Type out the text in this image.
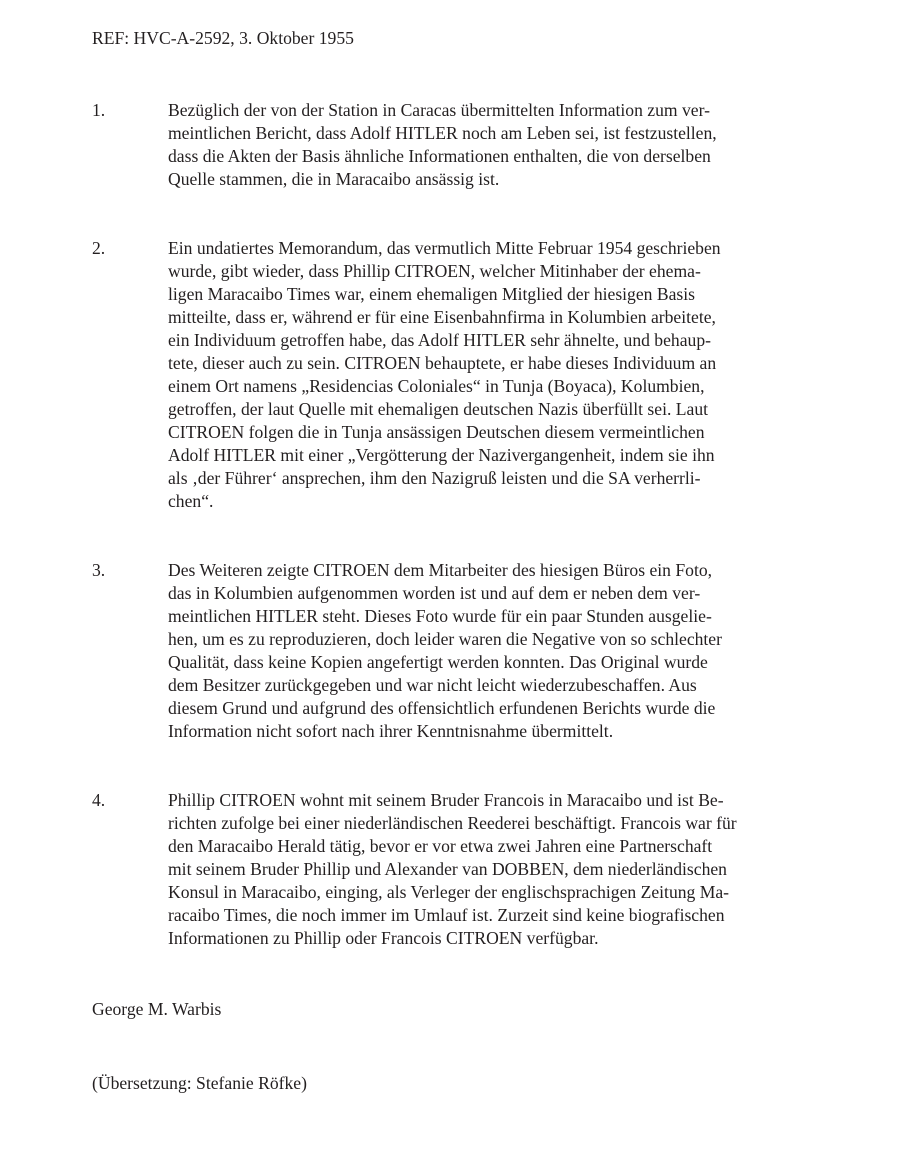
REF: HVC-A-2592, 3. Oktober 1955
1.	Bezüglich der von der Station in Caracas übermittelten Information zum ver-
meintlichen Bericht, dass Adolf HITLER noch am Leben sei, ist festzustellen,
dass die Akten der Basis ähnliche Informationen enthalten, die von derselben
Quelle stammen, die in Maracaibo ansässig ist.
2.	Ein undatiertes Memorandum, das vermutlich Mitte Februar 1954 geschrieben
wurde, gibt wieder, dass Phillip CITROEN, welcher Mitinhaber der ehema-
ligen Maracaibo Times war, einem ehemaligen Mitglied der hiesigen Basis
mitteilte, dass er, während er für eine Eisenbahnfirma in Kolumbien arbeitete,
ein Individuum getroffen habe, das Adolf HITLER sehr ähnelte, und behaup-
tete, dieser auch zu sein. CITROEN behauptete, er habe dieses Individuum an
einem Ort namens „Residencias Coloniales“ in Tunja (Boyaca), Kolumbien,
getroffen, der laut Quelle mit ehemaligen deutschen Nazis überfüllt sei. Laut
CITROEN folgen die in Tunja ansässigen Deutschen diesem vermeintlichen
Adolf HITLER mit einer „Vergötterung der Nazivergangenheit, indem sie ihn
als ‚der Führer‘ ansprechen, ihm den Nazigruß leisten und die SA verherrli-
chen“.
3.	Des Weiteren zeigte CITROEN dem Mitarbeiter des hiesigen Büros ein Foto,
das in Kolumbien aufgenommen worden ist und auf dem er neben dem ver-
meintlichen HITLER steht. Dieses Foto wurde für ein paar Stunden ausgelie-
hen, um es zu reproduzieren, doch leider waren die Negative von so schlechter
Qualität, dass keine Kopien angefertigt werden konnten. Das Original wurde
dem Besitzer zurückgegeben und war nicht leicht wiederzubeschaffen. Aus
diesem Grund und aufgrund des offensichtlich erfundenen Berichts wurde die
Information nicht sofort nach ihrer Kenntnisnahme übermittelt.
4.	Phillip CITROEN wohnt mit seinem Bruder Francois in Maracaibo und ist Be-
richten zufolge bei einer niederländischen Reederei beschäftigt. Francois war für
den Maracaibo Herald tätig, bevor er vor etwa zwei Jahren eine Partnerschaft
mit seinem Bruder Phillip und Alexander van DOBBEN, dem niederländischen
Konsul in Maracaibo, einging, als Verleger der englischsprachigen Zeitung Ma-
racaibo Times, die noch immer im Umlauf ist. Zurzeit sind keine biografischen
Informationen zu Phillip oder Francois CITROEN verfügbar.
George M. Warbis
(Übersetzung: Stefanie Röfke)
